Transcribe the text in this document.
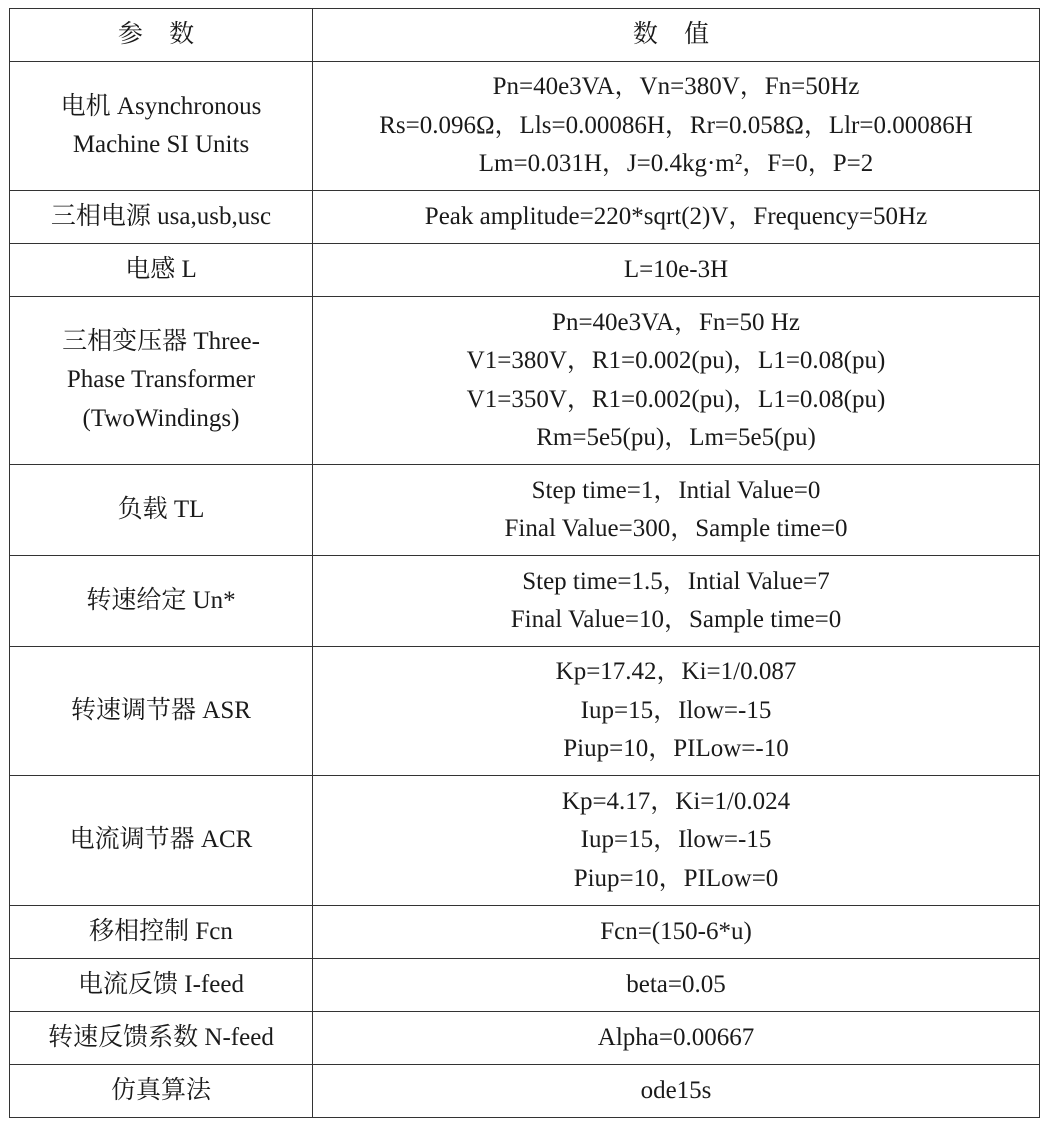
参 数	数 值

电机 Asynchronous
Machine SI Units	Pn=40e3VA，Vn=380V，Fn=50Hz
Rs=0.096Ω，Lls=0.00086H，Rr=0.058Ω，Llr=0.00086H
Lm=0.031H，J=0.4kg·m²，F=0，P=2

三相电源 usa,usb,usc	Peak amplitude=220*sqrt(2)V，Frequency=50Hz

电感 L	L=10e-3H

三相变压器 Three-
Phase Transformer
(TwoWindings)	Pn=40e3VA，Fn=50 Hz
V1=380V，R1=0.002(pu)，L1=0.08(pu)
V1=350V，R1=0.002(pu)，L1=0.08(pu)
Rm=5e5(pu)，Lm=5e5(pu)

负载 TL	Step time=1，Intial Value=0
Final Value=300，Sample time=0

转速给定 Un*	Step time=1.5，Intial Value=7
Final Value=10，Sample time=0

转速调节器 ASR	Kp=17.42，Ki=1/0.087
Iup=15，Ilow=-15
Piup=10，PILow=-10

电流调节器 ACR	Kp=4.17，Ki=1/0.024
Iup=15，Ilow=-15
Piup=10，PILow=0

移相控制 Fcn	Fcn=(150-6*u)

电流反馈 I-feed	beta=0.05

转速反馈系数 N-feed	Alpha=0.00667

仿真算法	ode15s
